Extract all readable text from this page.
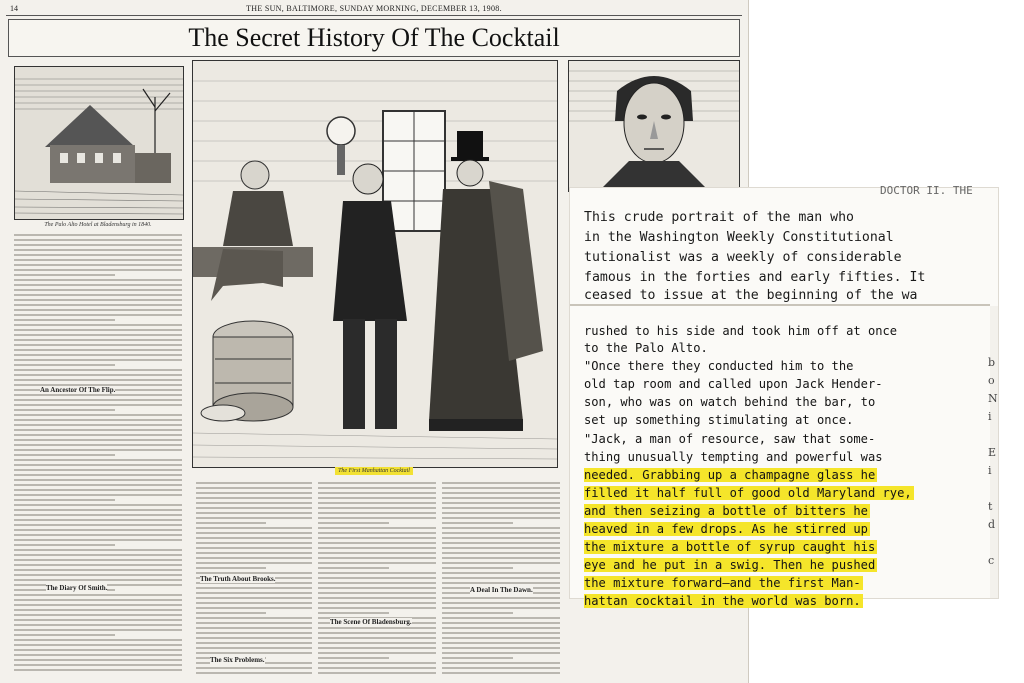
14	THE SUN, BALTIMORE, SUNDAY MORNING, DECEMBER 13, 1908.
The Secret History Of The Cocktail
The Palo Alto Hotel at Bladensburg in 1840.
The First Manhattan Cocktail
An Ancestor Of The Flip.
The Diary Of Smith.
The Truth About Brooks.
The Six Problems.
The Scene Of Bladensburg.
A Deal In The Dawn.
DOCTOR II. THE
This crude portrait of the man who
in the Washington Weekly Constitutional
tutionalist was a weekly of considerable
famous in the forties and early fifties. It
ceased to issue at the beginning of the wa
rushed to his side and took him off at once
to the Palo Alto.
"Once there they conducted him to the
old tap room and called upon Jack Hender-
son, who was on watch behind the bar, to
set up something stimulating at once.
"Jack, a man of resource, saw that some-
thing unusually tempting and powerful was
needed. Grabbing up a champagne glass he
filled it half full of good old Maryland rye,
and then seizing a bottle of bitters he
heaved in a few drops. As he stirred up
the mixture a bottle of syrup caught his
eye and he put in a swig. Then he pushed
the mixture forward—and the first Man-
hattan cocktail in the world was born.
b
o
N
i
E
i
t
d
c
